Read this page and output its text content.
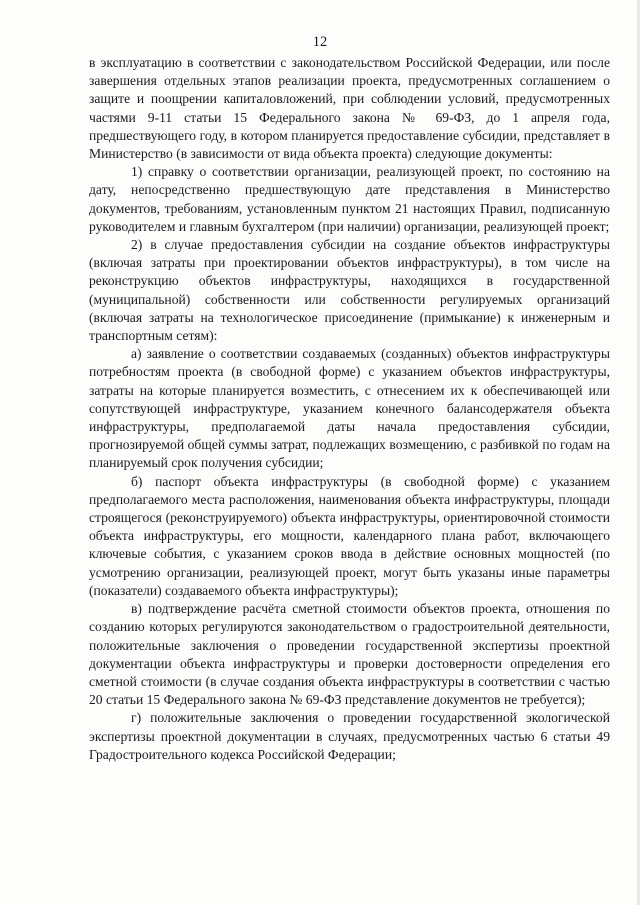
12

в эксплуатацию в соответствии с законодательством Российской Федерации, или после завершения отдельных этапов реализации проекта, предусмотренных соглашением о защите и поощрении капиталовложений, при соблюдении условий, предусмотренных частями 9-11 статьи 15 Федерального закона № 69-ФЗ, до 1 апреля года, предшествующего году, в котором планируется предоставление субсидии, представляет в Министерство (в зависимости от вида объекта проекта) следующие документы:

1) справку о соответствии организации, реализующей проект, по состоянию на дату, непосредственно предшествующую дате представления в Министерство документов, требованиям, установленным пунктом 21 настоящих Правил, подписанную руководителем и главным бухгалтером (при наличии) организации, реализующей проект;

2) в случае предоставления субсидии на создание объектов инфраструктуры (включая затраты при проектировании объектов инфраструктуры), в том числе на реконструкцию объектов инфраструктуры, находящихся в государственной (муниципальной) собственности или собственности регулируемых организаций (включая затраты на технологическое присоединение (примыкание) к инженерным и транспортным сетям):

а) заявление о соответствии создаваемых (созданных) объектов инфраструктуры потребностям проекта (в свободной форме) с указанием объектов инфраструктуры, затраты на которые планируется возместить, с отнесением их к обеспечивающей или сопутствующей инфраструктуре, указанием конечного балансодержателя объекта инфраструктуры, предполагаемой даты начала предоставления субсидии, прогнозируемой общей суммы затрат, подлежащих возмещению, с разбивкой по годам на планируемый срок получения субсидии;

б) паспорт объекта инфраструктуры (в свободной форме) с указанием предполагаемого места расположения, наименования объекта инфраструктуры, площади строящегося (реконструируемого) объекта инфраструктуры, ориентировочной стоимости объекта инфраструктуры, его мощности, календарного плана работ, включающего ключевые события, с указанием сроков ввода в действие основных мощностей (по усмотрению организации, реализующей проект, могут быть указаны иные параметры (показатели) создаваемого объекта инфраструктуры);

в) подтверждение расчёта сметной стоимости объектов проекта, отношения по созданию которых регулируются законодательством о градостроительной деятельности, положительные заключения о проведении государственной экспертизы проектной документации объекта инфраструктуры и проверки достоверности определения его сметной стоимости (в случае создания объекта инфраструктуры в соответствии с частью 20 статьи 15 Федерального закона № 69-ФЗ представление документов не требуется);

г) положительные заключения о проведении государственной экологической экспертизы проектной документации в случаях, предусмотренных частью 6 статьи 49 Градостроительного кодекса Российской Федерации;
